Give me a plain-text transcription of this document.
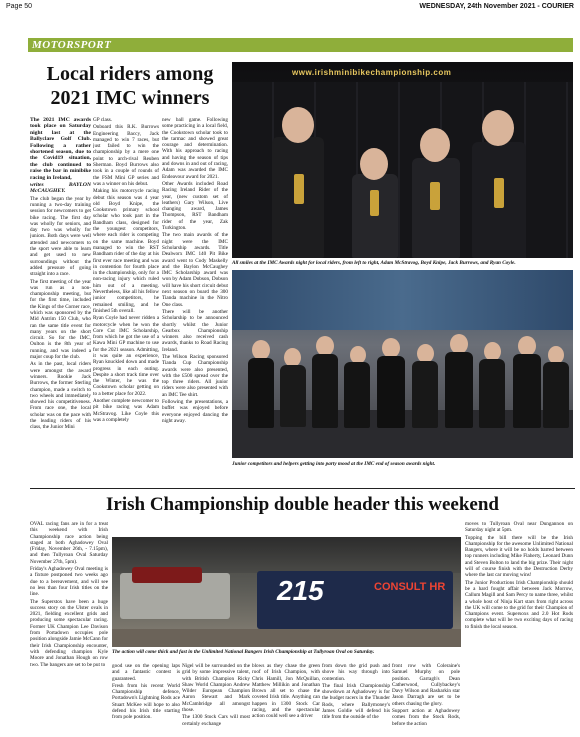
Page 50	WEDNESDAY, 24th November 2021 - COURIER
MOTORSPORT
Local riders among 2021 IMC winners

The 2021 IMC awards took place on Saturday night last at the Ballyclare Golf Club. Following a rather shortened season, due to the Covid19 situation, the club continued to raise the bar in minibike racing in Ireland,

writes BAYLON McCAUGHEY.

The club began the year by running a two-day training session for newcomers to get bike racing. The first day was wholly for seniors, and day two was wholly for juniors. Both days were well attended and newcomers to the sport were able to learn and get used to new surroundings without the added pressure of going straight into a race.

The first meeting of the year was run as a non-championship meeting, but for the first time, included the Kings of the Corner race, which was sponsored by the Mid Antrim 150 Club, who ran the same title event for many years on the short circuit. So for the IMC, Oulton is the 8th year of running, and was indeed a major coup for the club.

As in the past, local riders were amongst the award winners. Rookie Jack Burrows, the former Sterling champion, made a switch to two wheels and immediately showed his competitiveness. From race one, the local scholar was on the pace with the leading riders of his class, the Junior Mini

GP class.

Onboard this R.K. Burrows Engineering Baccy, Jack managed to win 7 races, but just failed to win the championship by a mere one point to arch-rival Reuben Sherman. Boyd Burrows also took in a couple of rounds of the FSM Mini GP series and was a winner on his debut.

Making his motorcycle racing debut this season was 4 year old Boyd Knipe, the Cookstown primary school scholar who took part in the Bandham class, designed for the youngest competitors, where each rider is competing on the same machine. Boyd managed to win the RST Bandham rider of the day at his first ever race meeting and was in contention for fourth place in the championship, only for a non-racing injury which ruled him out of a meeting. Nevertheless, like all his fellow junior competitors, he remained smiling, and he finished 5th overall.

Ryan Coyle had never ridden a motorcycle when he won the Core Cut IMC Scholarship, from which he got the use of a Kawa Mini GP machine to use for the 2021 season. Admitting, it was quite an experience, Ryan knuckled down and made progress in each outing. Despite a short track time over the Winter, he was the Cookstown scholar getting on to a better place for 2022.

Another complete newcomer to pit bike racing was Adam McStravog. Like Coyle this was a completely

new ball game. Following some practicing in a local field, the Cookstown scholar took to the tarmac and showed great courage and determination. With his approach to racing and having the season of tips and downs in and out of racing, Adam was awarded the IMC Endeavour award for 2021.

Other Awards included Road Racing Ireland Rider of the year, (new custom set of leathers) Gary Wilson, Live changing award, James Thompson, RST Bandham rider of the year, Zak Turkington.

The two main awards of the night were the IMC Scholarship awards. Title Dealworx IMC 140 Pit Bike award went to Cody Maskelly and the Baylon McCaughey IMC Scholarship award was won by Adam Dobson, Dobson will have his short circuit debut next season on board the 300 Tianda machine in the Nitro One class.

There will be another Scholarship to be announced shortly whilst the Junior Gearbox Championship winners also received cash awards, thanks to Road Racing Ireland.

The Wilson Racing sponsored Tianda Cup Championship awards were also presented, with the £500 spread over the top three riders. All junior riders were also presented with an IMC Tee shirt.

Following the presentations, a buffet was enjoyed before everyone enjoyed dancing the night away.

www.irishminibikechampionship.com
All smiles at the IMC Awards night for local riders, from left to right, Adam McStravog, Boyd Knipe, Jack Burrows, and Ryan Coyle.
Junior competitors and helpers getting into party mood at the IMC end of season awards night.
Irish Championship double header this weekend

OVAL racing fans are in for a treat this weekend with Irish Championship race action being staged at both Aghadowey Oval (Friday, November 26th, - 7.15pm), and then Tullyroan Oval Saturday November 27th, 5pm).

Friday's Aghadowey Oval meeting is a fixture postponed two weeks ago due to a bereavement, and will see no less than four Irish titles on the line.

The Superstox have been a huge success story on the Ulster ovals in 2021, fielding excellent grids and producing some spectacular racing. Former UK Champion Lee Davison from Portadown occupies pole position alongside Jamie McCann for their Irish Championship encounter, with defending champion Kyle Moore and Jonathan Hough on row two. The bangers are set to be put to

215	CONSULT HR
The action will come thick and fast in the Unlimited National Bangers Irish Championship at Tullyroan Oval on Saturday.

good use on the opening laps and a fantastic contest is guaranteed.

Fresh from his recent World Championship defence, Portadown's Lightning Rods ace Stuart McKee will hope to also defend his Irish title starting from pole position.

Nigel will be surrounded on the grid by some impressive talent, with British Champion Ricky Shaw World Champion Andrew Wilder European Champion Aaron Stewart and Mark McCambridge all amongst those.

The 1300 Stock Cars will most certainly exchange

blows as they chase the green roof of Irish Champion, with Chris Hamill, Jon McQuillan, Matthew Millikin and Jonathan Brown all set to chase the coveted Irish title. Anything can happen in 1300 Stock Car racing, and the spectacular action could well see a driver

from down the grid push and shove his way through into contention.

The final Irish Championship showdown at Aghadowey is for the budget racers in the Thunder Rods, where Ballymoney's James Goldie will defend his title from the outside of the

front row with Coleraine's Samuel Murphy on pole position. Garragh's Dean Catherwood, Cullybackey's Davy Wilson and Rasharkin star Jason Darragh are set to be others chasing the glory.

Support action at Aghadowey comes from the Stock Rods, before the action

moves to Tullyroan Oval near Dungannon on Saturday night at 5pm.

Topping the bill there will be the Irish Championship for the awesome Unlimited National Bangers, where it will be no holds barred between top runners including Mike Flaherty, Leonard Dunn and Steven Bolton to land the big prize. Their night will of course finish with the Destruction Derby where the last car moving wins!

The Junior Productions Irish Championship should be a hard fought affair between Jack Morrow, Callum Magill and Sam Percy to name three, whilst a whole host of Ninja Kart stars from right across the UK will come to the grid for their Champion of Champions event. Supersoxs and 2.0 Hot Rods complete what will be two exciting days of racing to finish the local season.
